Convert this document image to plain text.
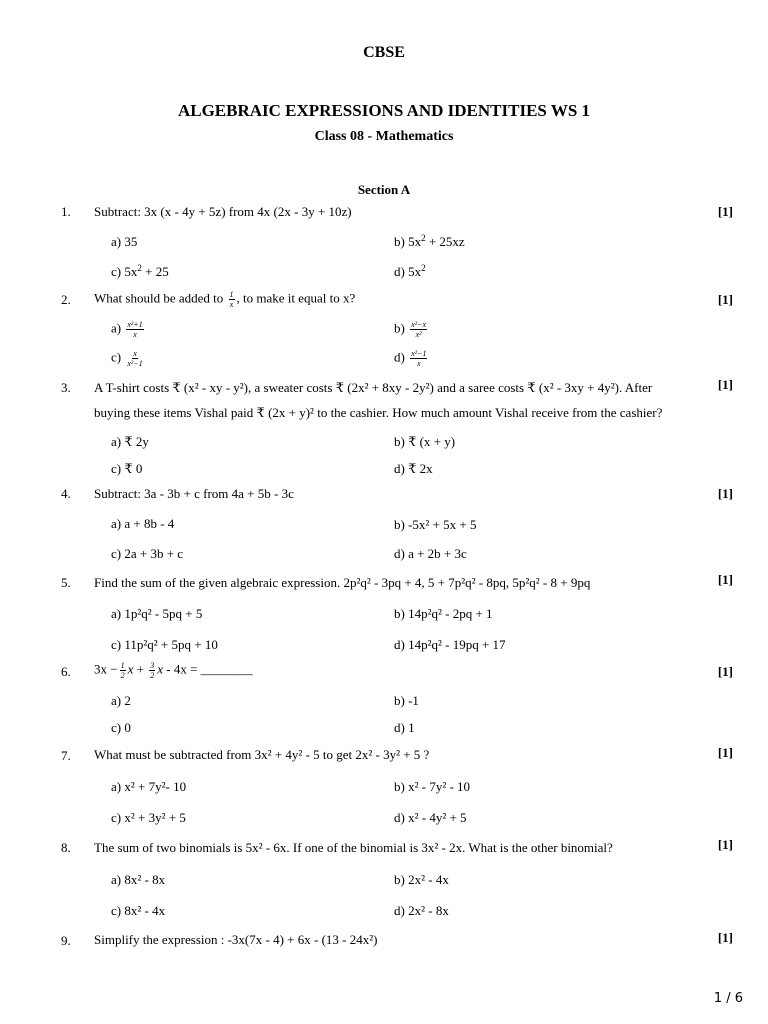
CBSE
ALGEBRAIC EXPRESSIONS AND IDENTITIES WS 1
Class 08 - Mathematics
Section A
1. Subtract: 3x (x - 4y + 5z) from 4x (2x - 3y + 10z)	[1]
a) 35	b) $5x^2 + 25xz$
c) $5x^2 + 25$	d) $5x^2$
2. What should be added to $\frac{1}{x}$ , to make it equal to x?	[1]
$a) \frac{\text{x²+1}}{x}$	$b) \frac{\text{x²−x}}{\text{x²}}$
$c) \frac{x}{\text{x²−1}}$	$d) \frac{\text{x²−1}}{x}$
3. A T-shirt costs ₹ (x² - xy - y²), a sweater costs ₹ (2x² + 8xy - 2y²) and a saree costs ₹ (x² - 3xy + 4y²). After
buying these items Vishal paid ₹ (2x + y)² to the cashier. How much amount Vishal receive from the cashier?
[1]
a) ₹ 2y	b) ₹ (x + y)
c) ₹ 0	d) ₹ 2x
4. Subtract: 3a - 3b + c from 4a + 5b - 3c	[1]
a) a + 8b - 4	b) -5x² + 5x + 5
c) 2a + 3b + c	d) a + 2b + 3c
5. Find the sum of the given algebraic expression. 2p²q² - 3pq + 4, 5 + 7p²q² - 8pq, 5p²q² - 8 + 9pq	[1]
a) 1p²q² - 5pq + 5	b) 14p²q² - 2pq + 1
c) 11p²q² + 5pq + 10	d) 14p²q² - 19pq + 17
6. $3x - \frac{1}{2}$ $x + \frac{3}{2}$ x - 4x = ________	[1]
a) 2	b) -1
c) 0	d) 1
7. What must be subtracted from 3x² + 4y² - 5 to get 2x² - 3y² + 5 ?	[1]
a) x² + 7y²- 10	b) x² - 7y² - 10
c) x² + 3y² + 5	d) x² - 4y² + 5
8. The sum of two binomials is 5x² - 6x. If one of the binomial is 3x² - 2x. What is the other binomial?	[1]
a) 8x² - 8x	b) 2x² - 4x
c) 8x² - 4x	d) 2x² - 8x
9. Simplify the expression : -3x(7x - 4) + 6x - (13 - 24x²)	[1]
1 / 6
